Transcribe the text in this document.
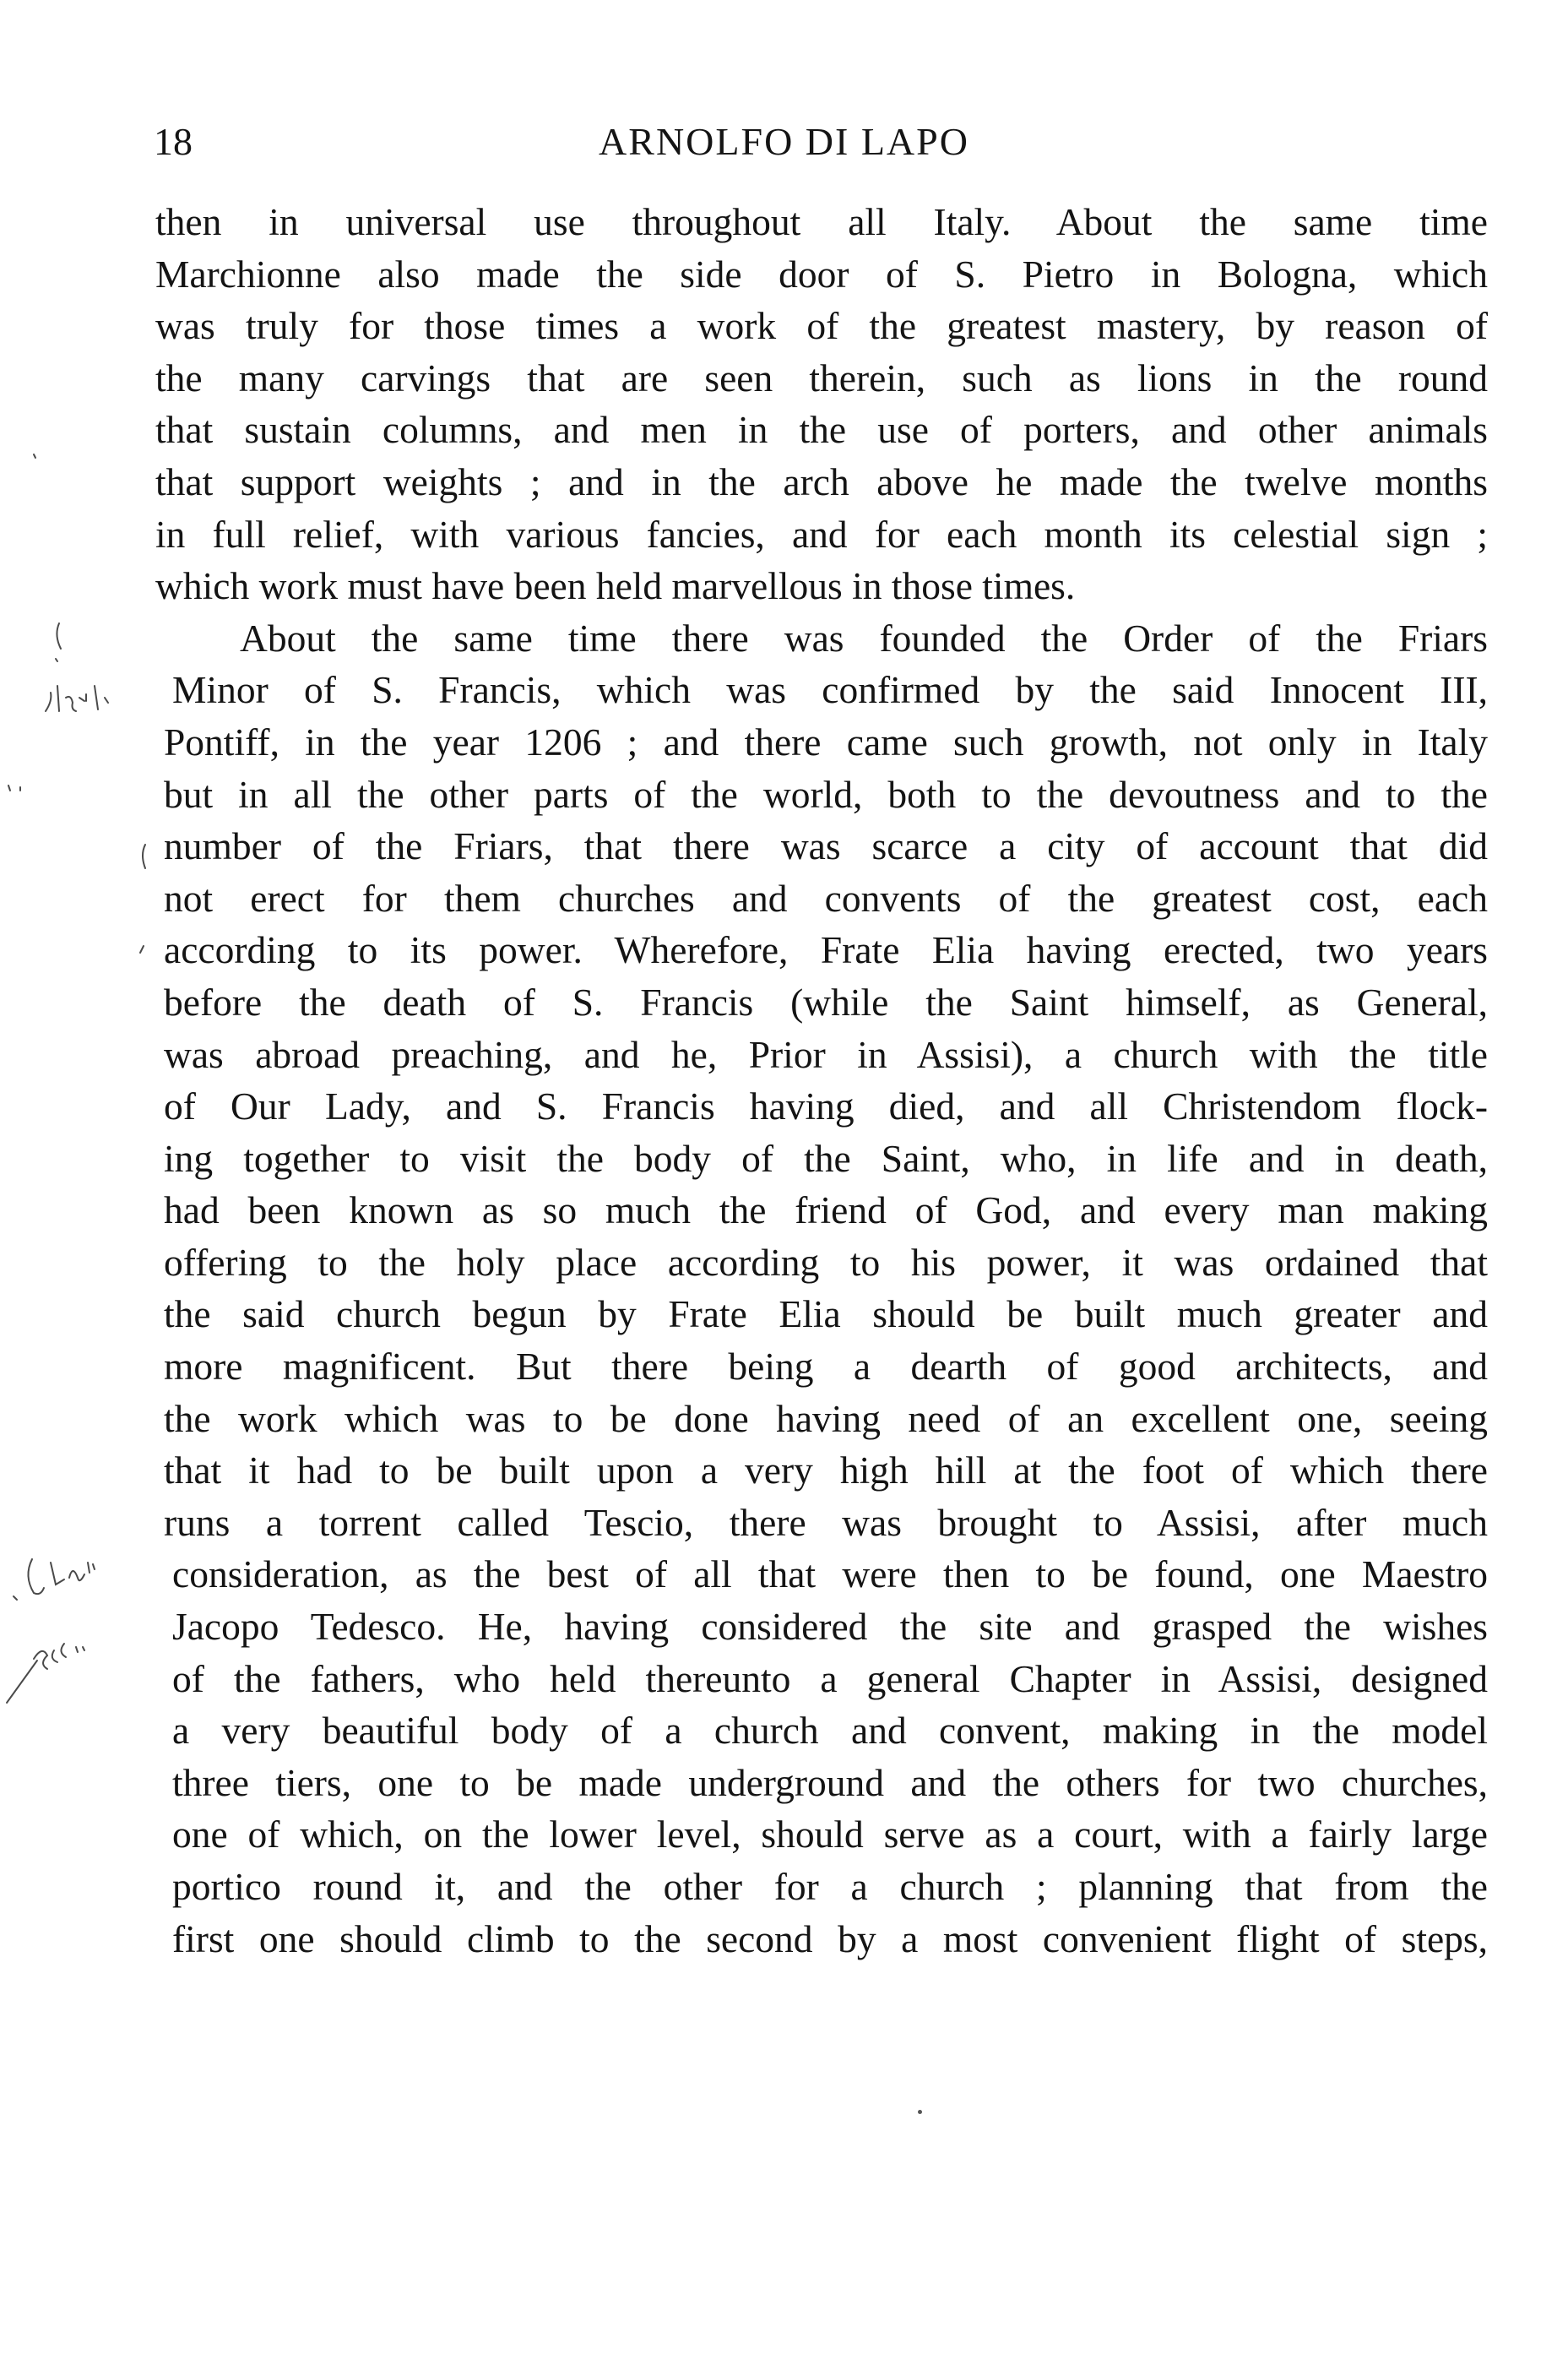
18	ARNOLFO DI LAPO
then in universal use throughout all Italy. About the same time
Marchionne also made the side door of S. Pietro in Bologna, which
was truly for those times a work of the greatest mastery, by reason of
the many carvings that are seen therein, such as lions in the round
that sustain columns, and men in the use of porters, and other animals
that support weights ; and in the arch above he made the twelve months
in full relief, with various fancies, and for each month its celestial sign ;
which work must have been held marvellous in those times.
About the same time there was founded the Order of the Friars
Minor of S. Francis, which was confirmed by the said Innocent III,
Pontiff, in the year 1206 ; and there came such growth, not only in Italy
but in all the other parts of the world, both to the devoutness and to the
number of the Friars, that there was scarce a city of account that did
not erect for them churches and convents of the greatest cost, each
according to its power. Wherefore, Frate Elia having erected, two years
before the death of S. Francis (while the Saint himself, as General,
was abroad preaching, and he, Prior in Assisi), a church with the title
of Our Lady, and S. Francis having died, and all Christendom flock-
ing together to visit the body of the Saint, who, in life and in death,
had been known as so much the friend of God, and every man making
offering to the holy place according to his power, it was ordained that
the said church begun by Frate Elia should be built much greater and
more magnificent. But there being a dearth of good architects, and
the work which was to be done having need of an excellent one, seeing
that it had to be built upon a very high hill at the foot of which there
runs a torrent called Tescio, there was brought to Assisi, after much
consideration, as the best of all that were then to be found, one Maestro
Jacopo Tedesco. He, having considered the site and grasped the wishes
of the fathers, who held thereunto a general Chapter in Assisi, designed
a very beautiful body of a church and convent, making in the model
three tiers, one to be made underground and the others for two churches,
one of which, on the lower level, should serve as a court, with a fairly large
portico round it, and the other for a church ; planning that from the
first one should climb to the second by a most convenient flight of steps,
